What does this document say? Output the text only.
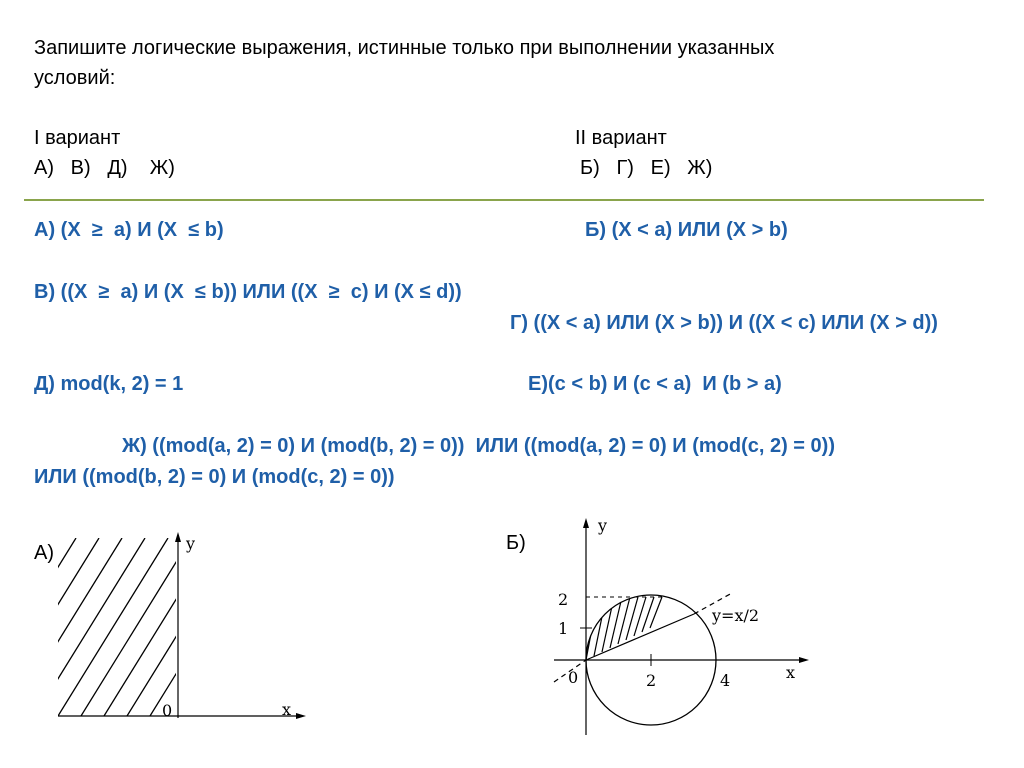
Запишите логические выражения, истинные только при выполнении указанных
условий:
I вариант
А)   В)   Д)    Ж)
II вариант
Б)   Г)   Е)   Ж)
А) (X  ≥  a) И (X  ≤ b)	Б) (X < a) ИЛИ (X > b)
В) ((X  ≥  a) И (X  ≤ b)) ИЛИ ((X  ≥  c) И (X ≤ d))
Г) ((X < a) ИЛИ (X > b)) И ((X < c) ИЛИ (X > d))
Д) mod(k, 2) = 1	Е)(c < b) И (c < a)  И (b > a)
Ж) ((mod(a, 2) = 0) И (mod(b, 2) = 0))  ИЛИ ((mod(a, 2) = 0) И (mod(c, 2) = 0))
ИЛИ ((mod(b, 2) = 0) И (mod(c, 2) = 0))
А)	y
x
0
Б)
y
x
0
2
1
2	4
y=x/2
